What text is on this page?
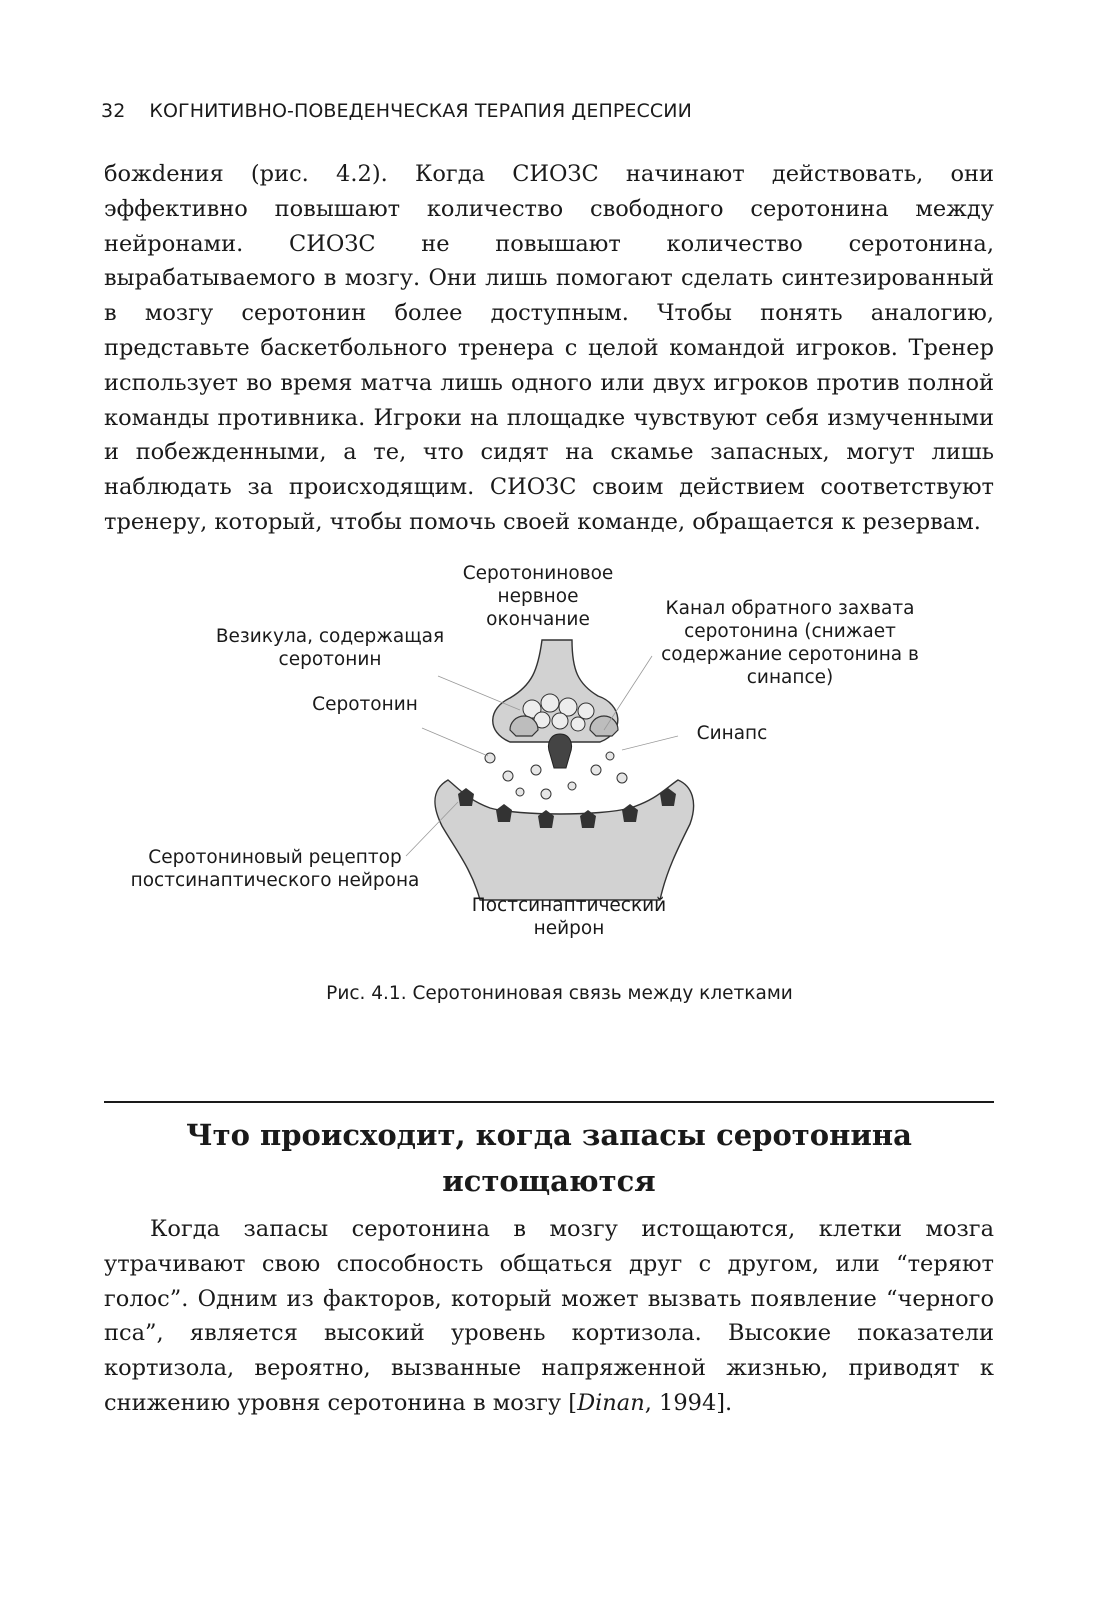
32 КОГНИТИВНО-ПОВЕДЕНЧЕСКАЯ ТЕРАПИЯ ДЕПРЕССИИ
божdения (рис. 4.2). Когда СИОЗС начинают действовать, они эффективно повышают количество свободного серотонина между нейронами. СИОЗС не повышают количество серотонина, вырабатываемого в мозгу. Они лишь помогают сделать синтезированный в мозгу серотонин более доступным. Чтобы понять аналогию, представьте баскетбольного тренера с целой командой игроков. Тренер использует во время матча лишь одного или двух игроков против полной команды противника. Игроки на площадке чувствуют себя измученными и побежденными, а те, что сидят на скамье запасных, могут лишь наблюдать за происходящим. СИОЗС своим действием соответствуют тренеру, который, чтобы помочь своей команде, обращается к резервам.
Серотониновое нервное окончание
Канал обратного захвата серотонина (снижает содержание серотонина в синапсе)
Везикула, содержащая серотонин
Серотонин
Синапс
Серотониновый рецептор постсинаптического нейрона
Постсинаптический нейрон
Рис. 4.1. Серотониновая связь между клетками
Что происходит, когда запасы серотонина истощаются
Когда запасы серотонина в мозгу истощаются, клетки мозга утрачивают свою способность общаться друг с другом, или “теряют голос”. Одним из факторов, который может вызвать появление “черного пса”, является высокий уровень кортизола. Высокие показатели кортизола, вероятно, вызванные напряженной жизнью, приводят к снижению уровня серотонина в мозгу [Dinan, 1994].
